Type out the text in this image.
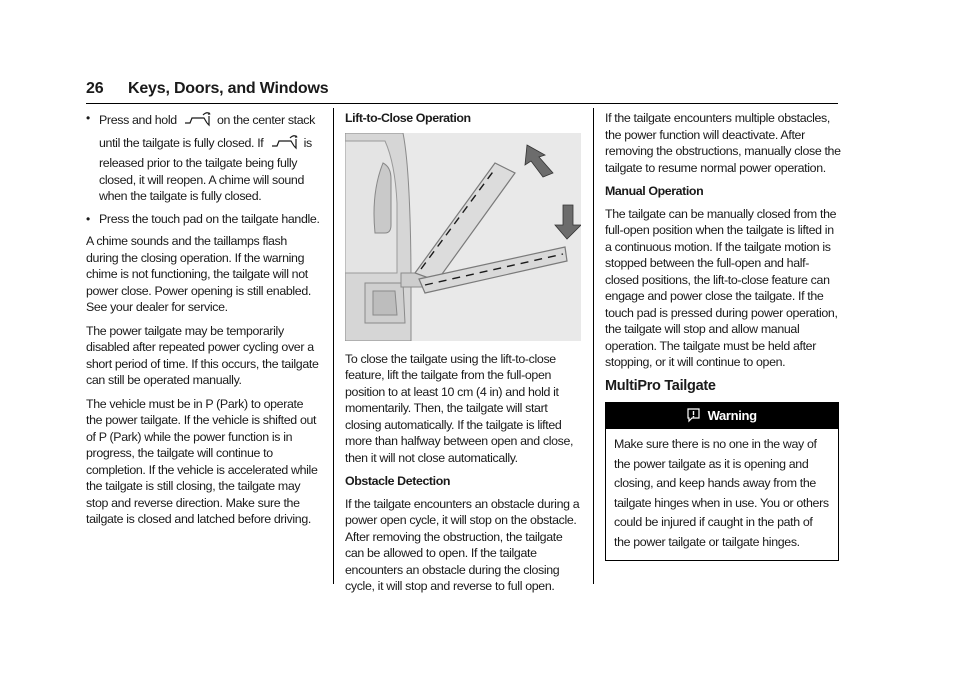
26 Keys, Doors, and Windows
• Press and hold	on the center stack until the tailgate is fully closed. If	is released prior to the tailgate being fully closed, it will reopen. A chime will sound when the tailgate is fully closed.
• Press the touch pad on the tailgate handle.

A chime sounds and the taillamps flash during the closing operation. If the warning chime is not functioning, the tailgate will not power close. Power opening is still enabled. See your dealer for service.

The power tailgate may be temporarily disabled after repeated power cycling over a short period of time. If this occurs, the tailgate can still be operated manually.

The vehicle must be in P (Park) to operate the power tailgate. If the vehicle is shifted out of P (Park) while the power function is in progress, the tailgate will continue to completion. If the vehicle is accelerated while the tailgate is still closing, the tailgate may stop and reverse direction. Make sure the tailgate is closed and latched before driving.

Lift-to-Close Operation

To close the tailgate using the lift-to-close feature, lift the tailgate from the full-open position to at least 10 cm (4 in) and hold it momentarily. Then, the tailgate will start closing automatically. If the tailgate is lifted more than halfway between open and close, then it will not close automatically.

Obstacle Detection

If the tailgate encounters an obstacle during a power open cycle, it will stop on the obstacle. After removing the obstruction, the tailgate can be allowed to open. If the tailgate encounters an obstacle during the closing cycle, it will stop and reverse to full open.

If the tailgate encounters multiple obstacles, the power function will deactivate. After removing the obstructions, manually close the tailgate to resume normal power operation.

Manual Operation

The tailgate can be manually closed from the full-open position when the tailgate is lifted in a continuous motion. If the tailgate motion is stopped between the full-open and half-closed positions, the lift-to-close feature can engage and power close the tailgate. If the touch pad is pressed during power operation, the tailgate will stop and allow manual operation. The tailgate must be held after stopping, or it will continue to open.

MultiPro Tailgate
Warning

Make sure there is no one in the way of the power tailgate as it is opening and closing, and keep hands away from the tailgate hinges when in use. You or others could be injured if caught in the path of the power tailgate or tailgate hinges.
